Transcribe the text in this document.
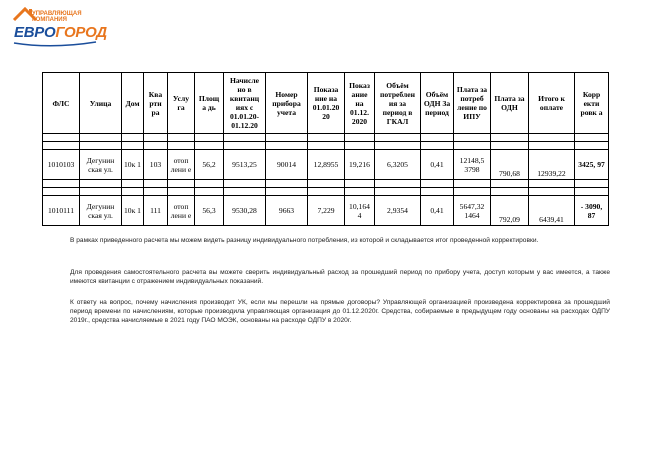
УПРАВЛЯЮЩАЯ
КОМПАНИЯ
ЕВРОГОРОД
ФЛС	Улица	Дом	Ква рти ра	Услу га	Площа дь	Начисле но в квитанц иях с 01.01.20-01.12.20	Номер прибора учета	Показа ние на 01.01.20 20	Показ ание на 01.12. 2020	Объём потреблен ия за период в ГКАЛ	Объём ОДН За период	Плата за потреб ление по ИПУ	Плата за ОДН	Итого к оплате	Корр екти ровк а

1010103	Дегунин ская ул.	10к 1	103	отоп лени е	56,2	9513,25	90014	12,8955	19,216	6,3205	0,41	12148,5 3798	790,68	12939,22	3425, 97

1010111	Дегунин ская ул.	10к 1	111	отоп лени е	56,3	9530,28	9663	7,229	10,164 4	2,9354	0,41	5647,32 1464	792,09	6439,41	- 3090, 87
В рамках приведенного расчета мы можем видеть разницу индивидуального потребления, из которой и складывается итог проведенной корректировки.
Для проведения самостоятельного расчета вы можете сверить индивидуальный расход за прошедший период по прибору учета, доступ которым у вас имеется, а также имеются квитанции с отражением индивидуальных показаний.
К ответу на вопрос, почему начисления производит УК, если мы перешли на прямые договоры? Управляющей организацией произведена корректировка за прошедший период времени по начислениям, которые производила управляющая организация до 01.12.2020г. Средства, собираемые в предыдущем году основаны на расходах ОДПУ 2019г., средства начисляемые в 2021 году ПАО МОЭК, основаны на расходе ОДПУ в 2020г.
